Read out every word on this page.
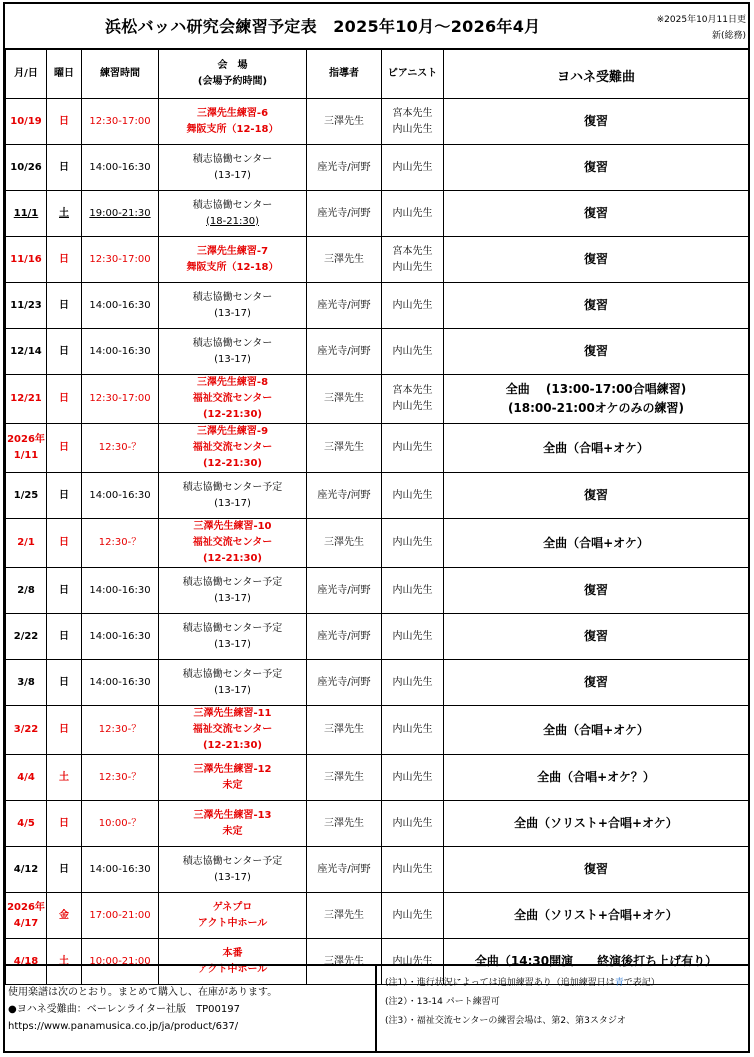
浜松バッハ研究会練習予定表　2025年10月～2026年4月	※2025年10月11日更
新(総務)
月/日	曜日	練習時間	会　場
(会場予約時間)	指導者	ピアニスト	ヨハネ受難曲
10/19	日	12:30-17:00	三澤先生練習-6
舞阪支所（12-18）	三澤先生	宮本先生
内山先生	復習

10/26	日	14:00-16:30	積志協働センター
(13-17)	座光寺/河野	内山先生	復習

11/1	土	19:00-21:30	積志協働センター
(18-21:30)	座光寺/河野	内山先生	復習

11/16	日	12:30-17:00	三澤先生練習-7
舞阪支所（12-18）	三澤先生	宮本先生
内山先生	復習

11/23	日	14:00-16:30	積志協働センター
(13-17)	座光寺/河野	内山先生	復習

12/14	日	14:00-16:30	積志協働センター
(13-17)	座光寺/河野	内山先生	復習

12/21	日	12:30-17:00	三澤先生練習-8
福祉交流センター
(12-21:30)	三澤先生	宮本先生
内山先生	全曲　 (13:00-17:00合唱練習)
(18:00-21:00オケのみの練習)

2026年
1/11	日	12:30-？	三澤先生練習-9
福祉交流センター
(12-21:30)	三澤先生	内山先生	全曲（合唱+オケ）

1/25	日	14:00-16:30	積志協働センター予定
(13-17)	座光寺/河野	内山先生	復習

2/1	日	12:30-？	三澤先生練習-10
福祉交流センター
(12-21:30)	三澤先生	内山先生	全曲（合唱+オケ）

2/8	日	14:00-16:30	積志協働センター予定
(13-17)	座光寺/河野	内山先生	復習

2/22	日	14:00-16:30	積志協働センター予定
(13-17)	座光寺/河野	内山先生	復習

3/8	日	14:00-16:30	積志協働センター予定
(13-17)	座光寺/河野	内山先生	復習

3/22	日	12:30-？	三澤先生練習-11
福祉交流センター
(12-21:30)	三澤先生	内山先生	全曲（合唱+オケ）

4/4	土	12:30-？	三澤先生練習-12
未定	三澤先生	内山先生	全曲（合唱+オケ？）

4/5	日	10:00-？	三澤先生練習-13
未定	三澤先生	内山先生	全曲（ソリスト+合唱+オケ）

4/12	日	14:00-16:30	積志協働センター予定
(13-17)	座光寺/河野	内山先生	復習

2026年
4/17	金	17:00-21:00	ゲネプロ
アクト中ホール	三澤先生	内山先生	全曲（ソリスト+合唱+オケ）

4/18	土	10:00-21:00	本番
アクト中ホール	三澤先生	内山先生	全曲（14:30開演　　終演後打ち上げ有り）
使用楽譜は次のとおり。まとめて購入し、在庫があります。
●ヨハネ受難曲：ベーレンライター社版　TP00197
https://www.panamusica.co.jp/ja/product/637/
(注1）・進行状況によっては追加練習あり（追加練習日は青で表記）
(注2）・13-14 パート練習可
(注3）・福祉交流センターの練習会場は、第2、第3スタジオ
